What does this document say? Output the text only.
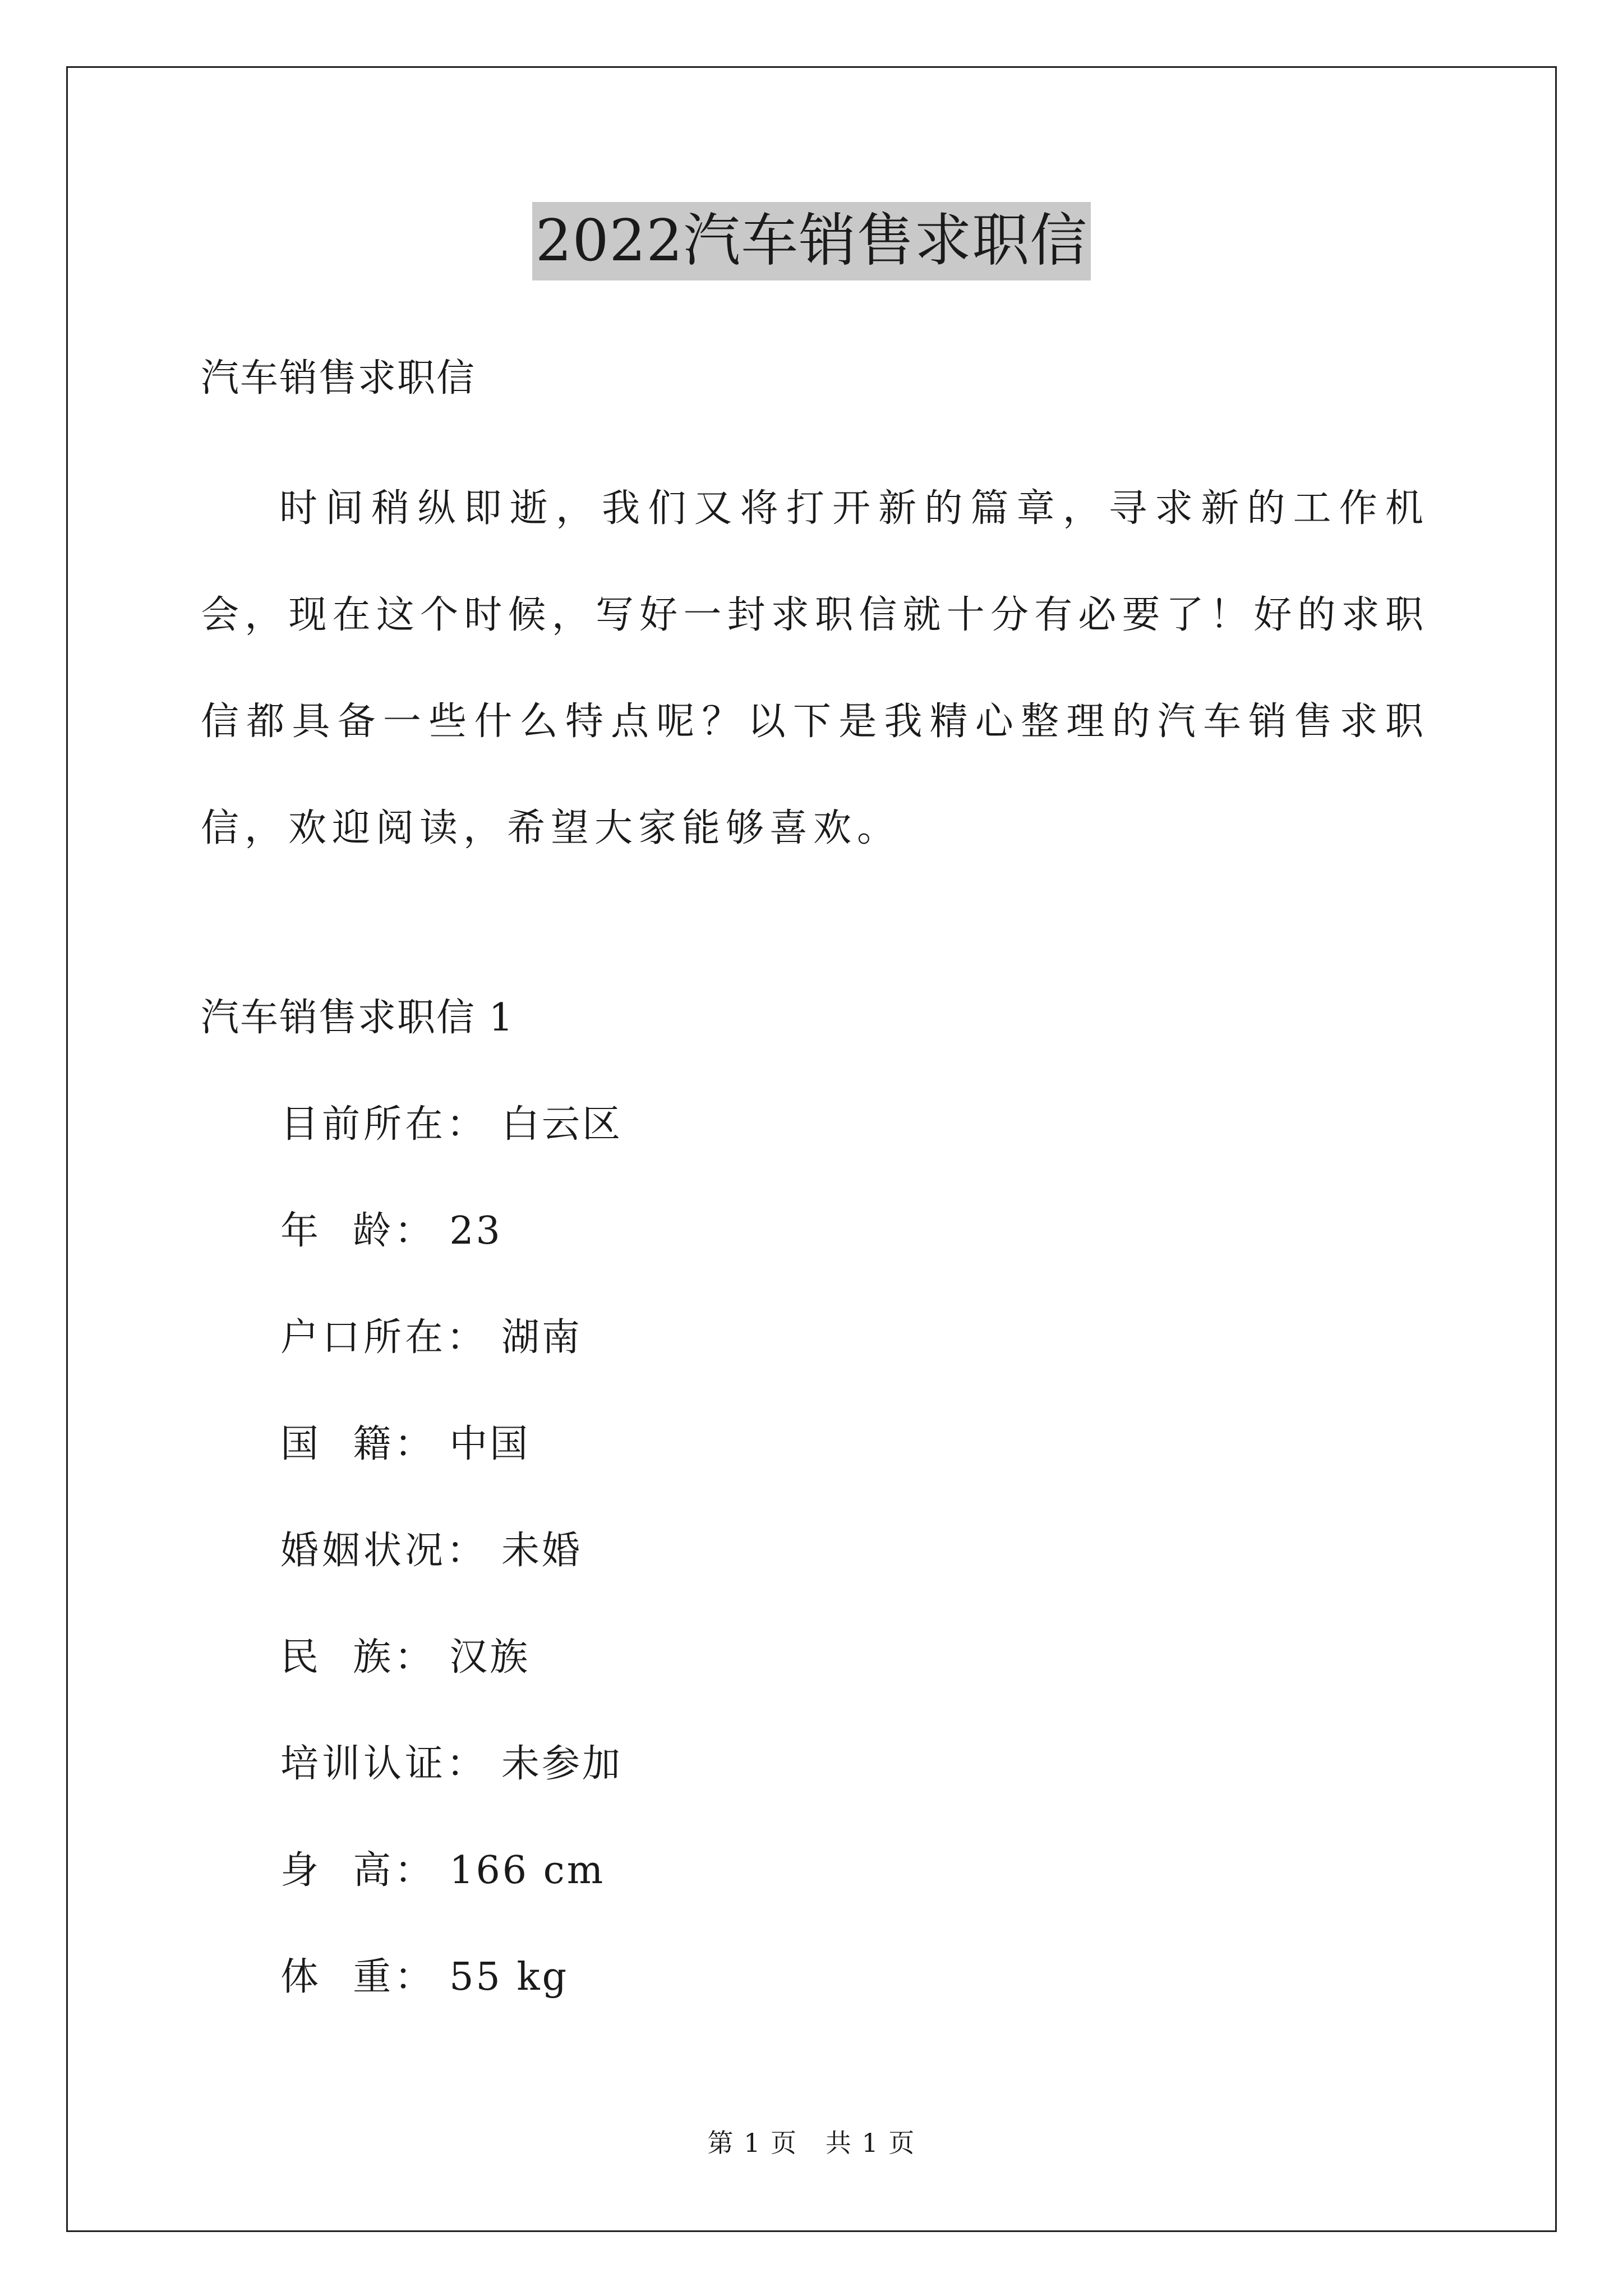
2022汽车销售求职信
汽车销售求职信
时间稍纵即逝，我们又将打开新的篇章，寻求新的工作机会，现在这个时候，写好一封求职信就十分有必要了！好的求职信都具备一些什么特点呢？以下是我精心整理的汽车销售求职信，欢迎阅读，希望大家能够喜欢。
汽车销售求职信 1
目前所在： 白云区
年  龄： 23
户口所在： 湖南
国  籍： 中国
婚姻状况： 未婚
民  族： 汉族
培训认证： 未参加
身  高： 166 cm
体  重： 55 kg
第 1 页   共 1 页
